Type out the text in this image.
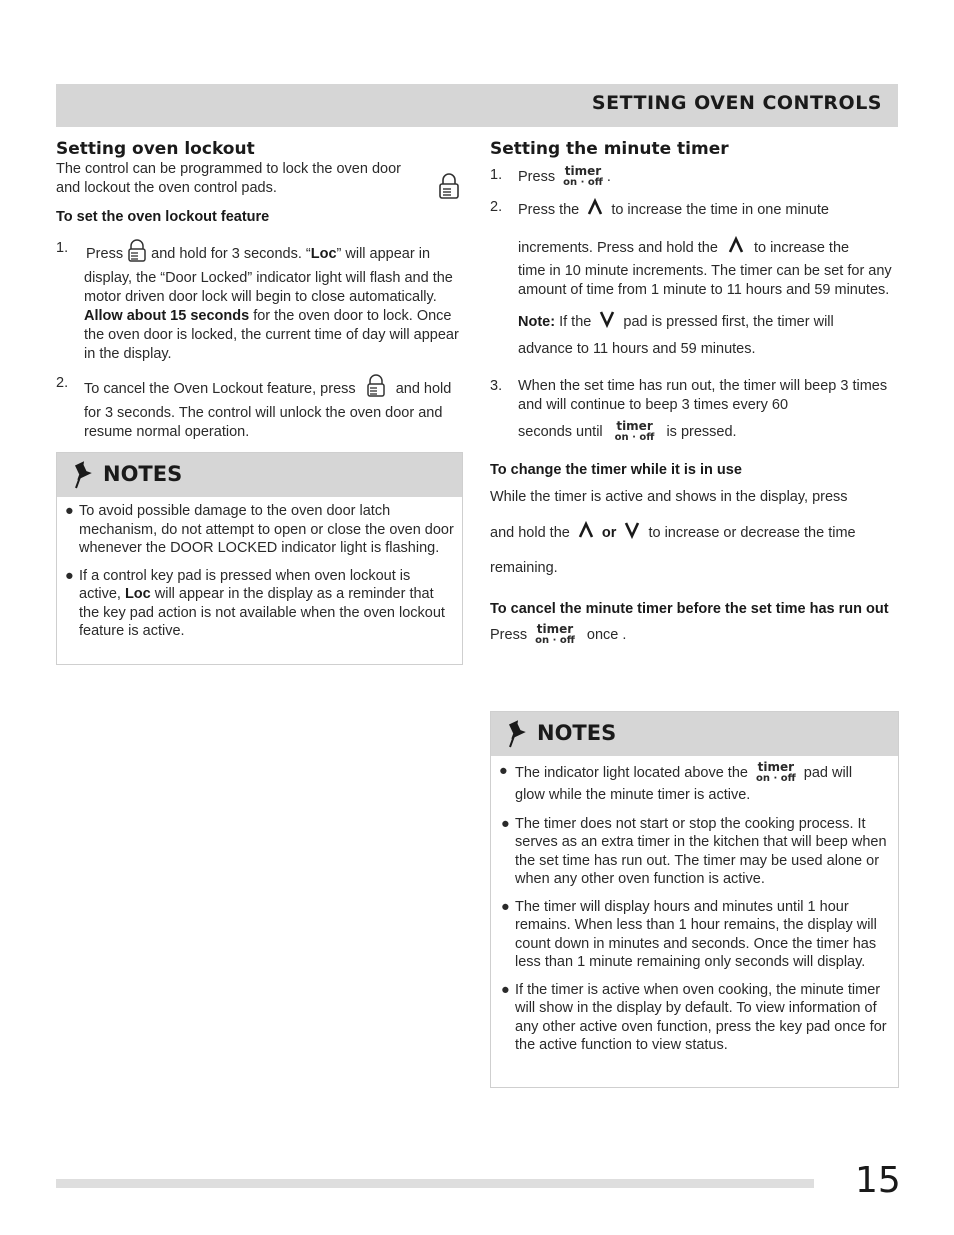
SETTING OVEN CONTROLS
Setting oven lockout

The control can be programmed to lock the oven door and lockout the oven control pads.

To set the oven lockout feature

1. Press and hold for 3 seconds. “Loc” will appear in display, the “Door Locked” indicator light will flash and the motor driven door lock will begin to close automatically. Allow about 15 seconds for the oven door to lock. Once the oven door is locked, the current time of day will appear in the display.
2. To cancel the Oven Lockout feature, press	and hold for 3 seconds. The control will unlock the oven door and resume normal operation.
NOTES
● To avoid possible damage to the oven door latch mechanism, do not attempt to open or close the oven door whenever the DOOR LOCKED indicator light is flashing.
● If a control key pad is pressed when oven lockout is active, Loc will appear in the display as a reminder that the key pad action is not available when the oven lockout feature is active.
Setting the minute timer
1. Press timer
on · off .
2. Press the to increase the time in one minute
increments. Press and hold the to increase the
time in 10 minute increments. The timer can be set for any amount of time from 1 minute to 11 hours and 59 minutes.
Note: If the pad is pressed first, the timer will
advance to 11 hours and 59 minutes.
3. When the set time has run out, the timer will beep 3 times and will continue to beep 3 times every 60
seconds until timer
on · off is pressed.

To change the timer while it is in use

While the timer is active and shows in the display, press

and hold the or to increase or decrease the time

remaining.

To cancel the minute timer before the set time has run out

Press timer
on · off once .

NOTES
● The indicator light located above the timer
on · off pad will
glow while the minute timer is active.
● The timer does not start or stop the cooking process. It serves as an extra timer in the kitchen that will beep when the set time has run out. The timer may be used alone or when any other oven function is active.
● The timer will display hours and minutes until 1 hour remains. When less than 1 hour remains, the display will count down in minutes and seconds. Once the timer has less than 1 minute remaining only seconds will display.
● If the timer is active when oven cooking, the minute timer will show in the display by default. To view information of any other active oven function, press the key pad once for the active function to view status.
15
